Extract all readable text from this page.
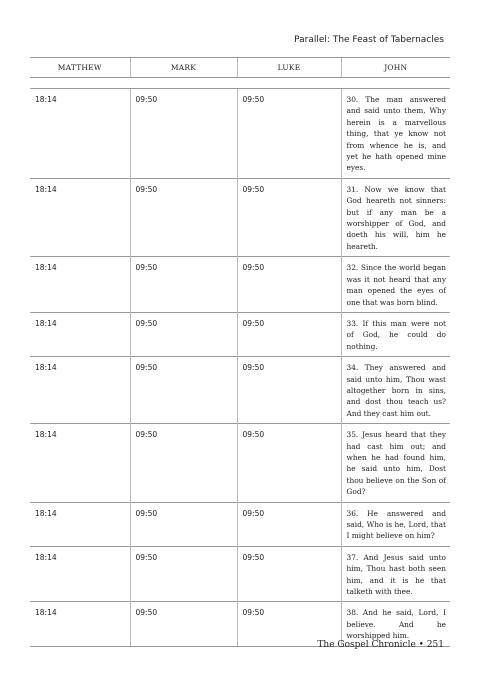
Parallel: The Feast of Tabernacles
MATTHEW	MARK	LUKE	JOHN
18:14	09:50	09:50	30. The man answered and said unto them, Why herein is a marvellous thing, that ye know not from whence he is, and yet he hath opened mine eyes.
18:14	09:50	09:50	31. Now we know that God heareth not sinners: but if any man be a worshipper of God, and doeth his will, him he heareth.
18:14	09:50	09:50	32. Since the world began was it not heard that any man opened the eyes of one that was born blind.
18:14	09:50	09:50	33. If this man were not of God, he could do nothing.
18:14	09:50	09:50	34. They answered and said unto him, Thou wast altogether born in sins, and dost thou teach us? And they cast him out.
18:14	09:50	09:50	35. Jesus heard that they had cast him out; and when he had found him, he said unto him, Dost thou believe on the Son of God?
18:14	09:50	09:50	36. He answered and said, Who is he, Lord, that I might believe on him?
18:14	09:50	09:50	37. And Jesus said unto him, Thou hast both seen him, and it is he that talketh with thee.
18:14	09:50	09:50	38. And he said, Lord, I believe. And he worshipped him.
The Gospel Chronicle • 251
